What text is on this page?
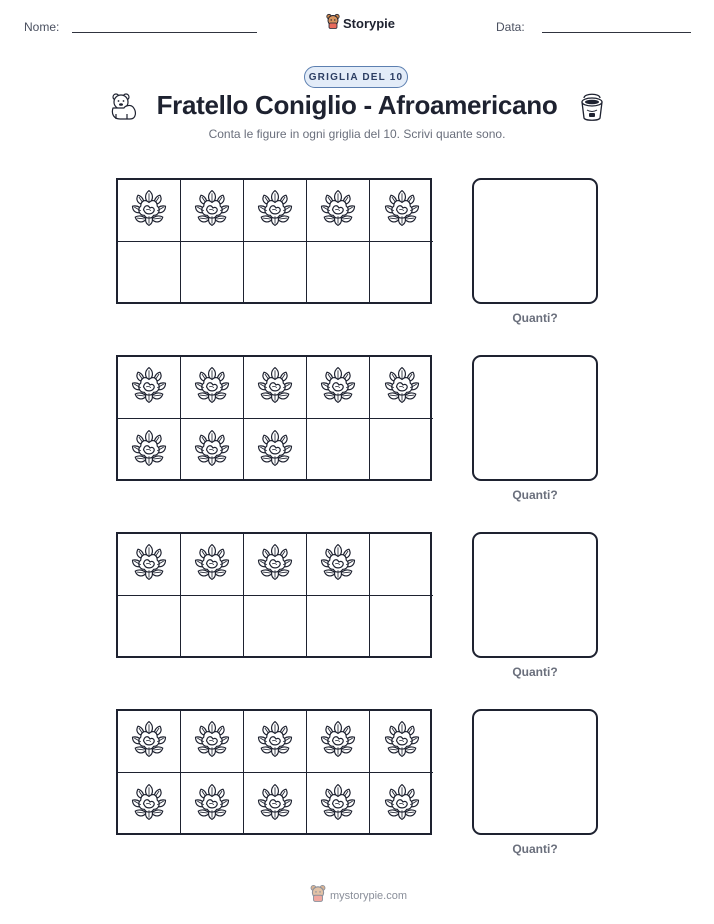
Nome:	Storypie	Data:
GRIGLIA DEL 10
Fratello Coniglio - Afroamericano
Conta le figure in ogni griglia del 10. Scrivi quante sono.
Quanti?
Quanti?
Quanti?
Quanti?
mystorypie.com
